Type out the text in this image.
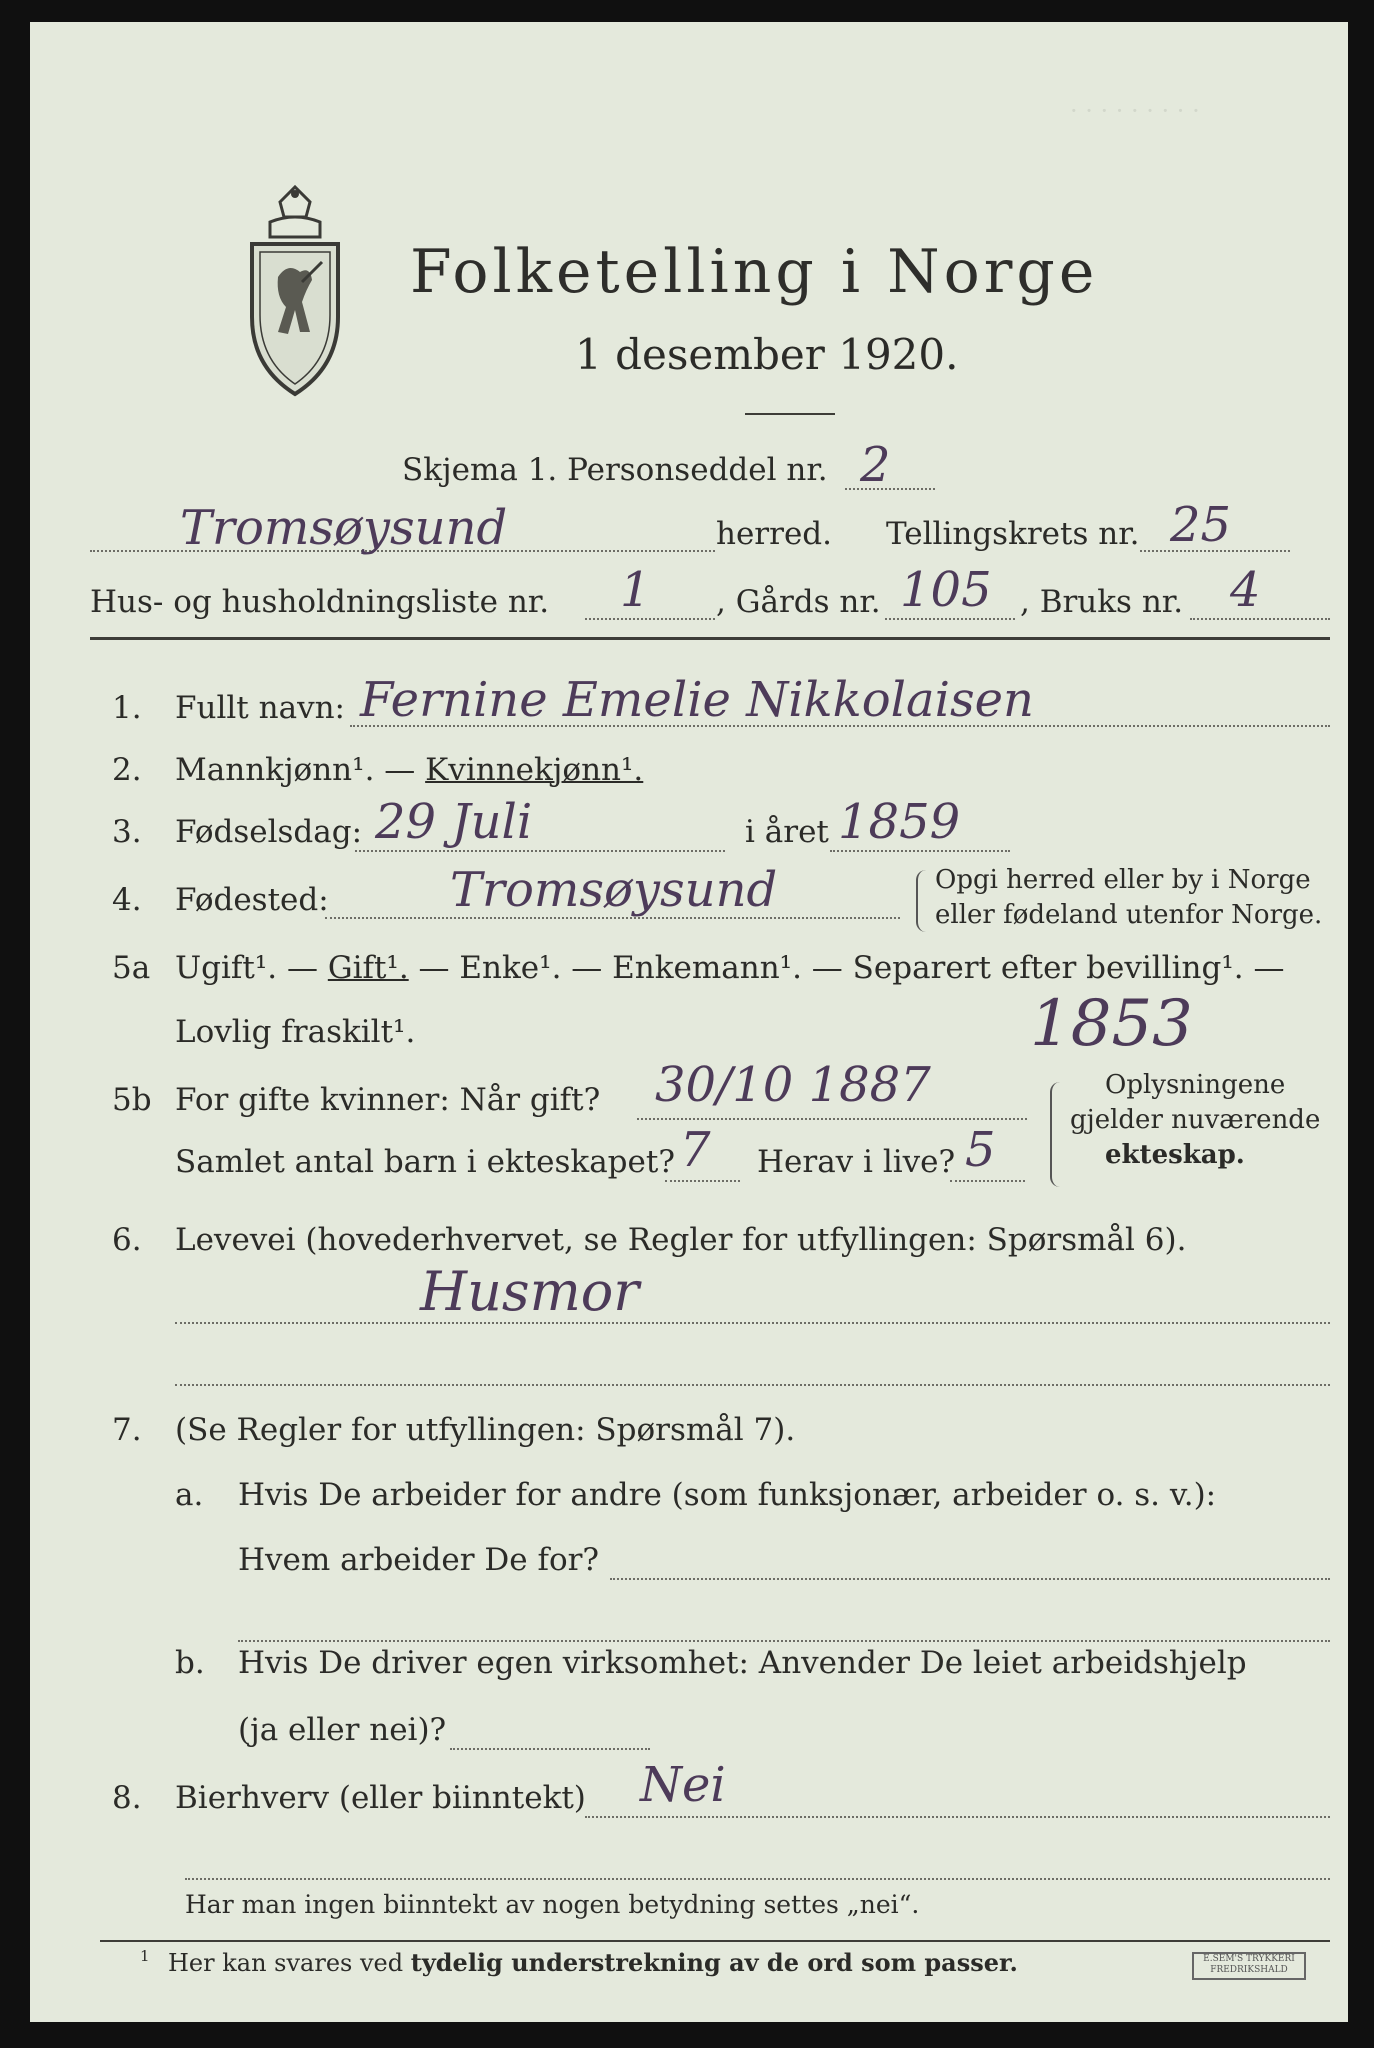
· · · · · · · · ·
Folketelling i Norge
1 desember 1920.
Skjema 1. Personseddel nr. 2
Tromsøysund	herred. Tellingskrets nr. 25
Hus- og husholdningsliste nr. 1 , Gårds nr. 105 , Bruks nr. 4
1. Fullt navn: Fernine Emelie Nikkolaisen
2. Mannkjønn¹. — Kvinnekjønn¹.
3. Fødselsdag: 29 Juli	i året 1859
4. Fødested:	Tromsøysund	Opgi herred eller by i Norge
eller fødeland utenfor Norge.
5a Ugift¹. — Gift¹. — Enke¹. — Enkemann¹. — Separert efter bevilling¹. —
Lovlig fraskilt¹.	1853
5b For gifte kvinner: Når gift? 30/10 1887
Samlet antal barn i ekteskapet? 7 Herav i live? 5
Oplysningene
gjelder nuværende
ekteskap.
6. Levevei (hovederhvervet, se Regler for utfyllingen: Spørsmål 6).
Husmor
7. (Se Regler for utfyllingen: Spørsmål 7).
a. Hvis De arbeider for andre (som funksjonær, arbeider o. s. v.):
Hvem arbeider De for?
b. Hvis De driver egen virksomhet: Anvender De leiet arbeidshjelp
(ja eller nei)?
8. Bierhverv (eller biinntekt) Nei
Har man ingen biinntekt av nogen betydning settes „nei“.
1 Her kan svares ved tydelig understrekning av de ord som passer.	E.SEM'S TRYKKERI
FREDRIKSHALD
